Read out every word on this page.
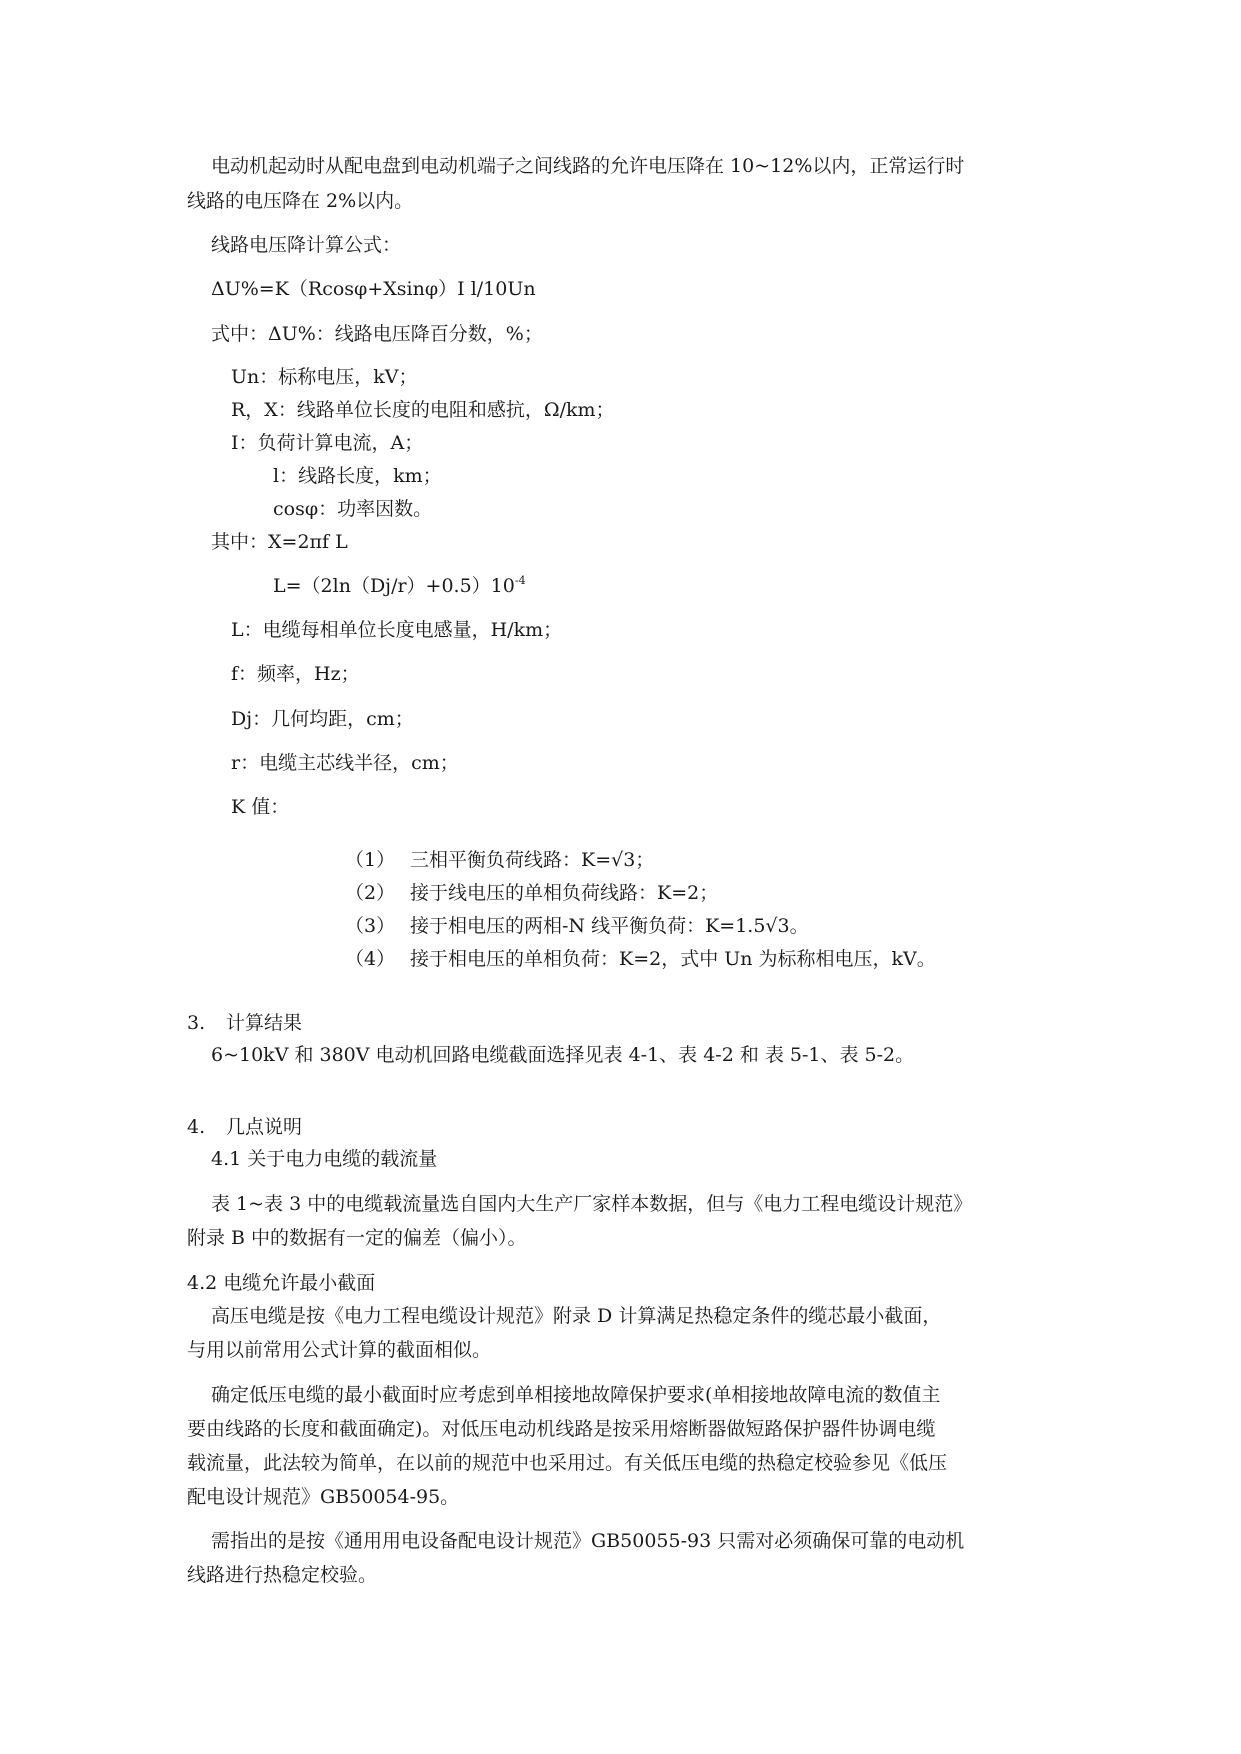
电动机起动时从配电盘到电动机端子之间线路的允许电压降在 10~12%以内，正常运行时
线路的电压降在 2%以内。
线路电压降计算公式：
ΔU%=K（Rcosφ+Xsinφ）I l/10Un
式中：ΔU%：线路电压降百分数，%；
Un：标称电压，kV；
R，X：线路单位长度的电阻和感抗，Ω/km；
I：负荷计算电流，A；
l：线路长度，km；
cosφ：功率因数。
其中：X=2πf L
$L=(2\ln(Dj/r)+0.5)10^{-4}$
L：电缆每相单位长度电感量，H/km；
f：频率，Hz；
Dj：几何均距，cm；
r：电缆主芯线半径，cm；
K 值：
（1） 三相平衡负荷线路：K=√3；
（2） 接于线电压的单相负荷线路：K=2；
（3） 接于相电压的两相-N 线平衡负荷：K=1.5√3。
（4） 接于相电压的单相负荷：K=2，式中 Un 为标称相电压，kV。
3. 计算结果
6~10kV 和 380V 电动机回路电缆截面选择见表 4-1、表 4-2 和 表 5-1、表 5-2。
4. 几点说明
4.1 关于电力电缆的载流量
表 1~表 3 中的电缆载流量选自国内大生产厂家样本数据，但与《电力工程电缆设计规范》
附录 B 中的数据有一定的偏差（偏小）。
4.2 电缆允许最小截面
高压电缆是按《电力工程电缆设计规范》附录 D 计算满足热稳定条件的缆芯最小截面，
与用以前常用公式计算的截面相似。
确定低压电缆的最小截面时应考虑到单相接地故障保护要求(单相接地故障电流的数值主
要由线路的长度和截面确定)。对低压电动机线路是按采用熔断器做短路保护器件协调电缆
载流量，此法较为简单，在以前的规范中也采用过。有关低压电缆的热稳定校验参见《低压
配电设计规范》GB50054-95。
需指出的是按《通用用电设备配电设计规范》GB50055-93 只需对必须确保可靠的电动机
线路进行热稳定校验。
